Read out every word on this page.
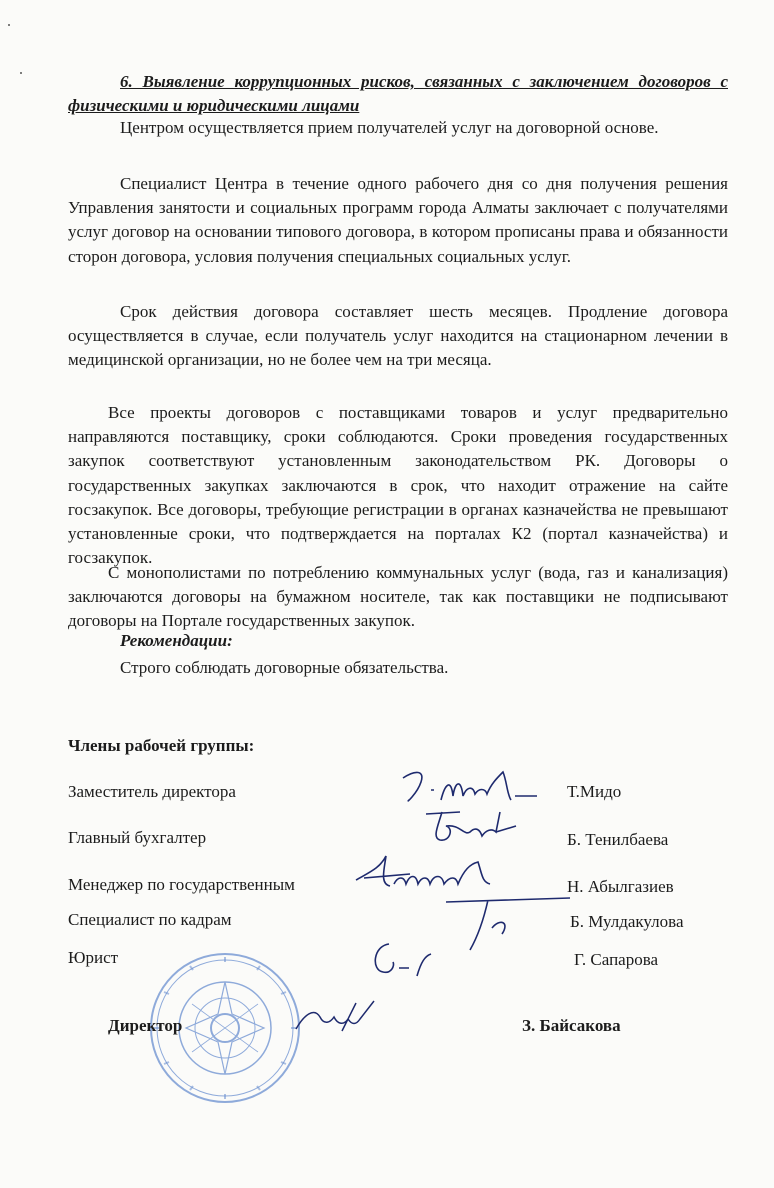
6. Выявление коррупционных рисков, связанных с заключением договоров с физическими и юридическими лицами
Центром осуществляется прием получателей услуг на договорной основе.
Специалист Центра в течение одного рабочего дня со дня получения решения Управления занятости и социальных программ города Алматы заключает с получателями услуг договор на основании типового договора, в котором прописаны права и обязанности сторон договора, условия получения специальных социальных услуг.
Срок действия договора составляет шесть месяцев. Продление договора осуществляется в случае, если получатель услуг находится на стационарном лечении в медицинской организации, но не более чем на три месяца.
Все проекты договоров с поставщиками товаров и услуг предварительно направляются поставщику, сроки соблюдаются. Сроки проведения государственных закупок соответствуют установленным законодательством РК. Договоры о государственных закупках заключаются в срок, что находит отражение на сайте госзакупок. Все договоры, требующие регистрации в органах казначейства не превышают установленные сроки, что подтверждается на порталах К2 (портал казначейства) и госзакупок.
С монополистами по потреблению коммунальных услуг (вода, газ и канализация) заключаются договоры на бумажном носителе, так как поставщики не подписывают договоры на Портале государственных закупок.
Рекомендации:
Строго соблюдать договорные обязательства.
Члены рабочей группы:
Заместитель директора	Т.Мидо
Главный бухгалтер	Б. Тенилбаева
Менеджер по государственным	Н. Абылгазиев
Специалист по кадрам	Б. Мулдакулова
Юрист	Г. Сапарова
Директор	З. Байсакова
